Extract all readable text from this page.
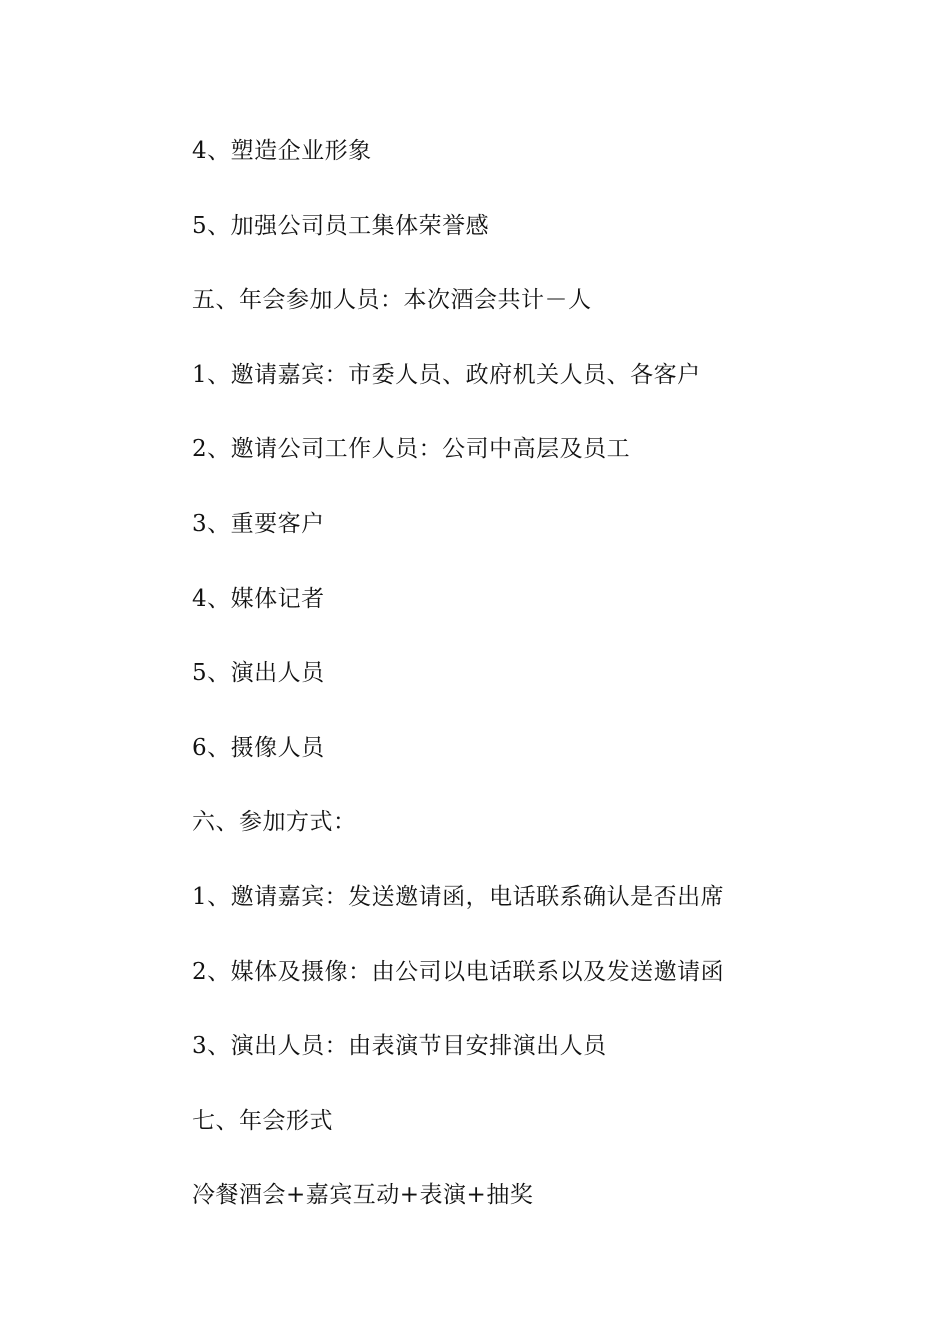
4、塑造企业形象
5、加强公司员工集体荣誉感
五、年会参加人员：本次酒会共计－人
1、邀请嘉宾：市委人员、政府机关人员、各客户
2、邀请公司工作人员：公司中高层及员工
3、重要客户
4、媒体记者
5、演出人员
6、摄像人员
六、参加方式：
1、邀请嘉宾：发送邀请函，电话联系确认是否出席
2、媒体及摄像：由公司以电话联系以及发送邀请函
3、演出人员：由表演节目安排演出人员
七、年会形式
冷餐酒会+嘉宾互动+表演+抽奖
